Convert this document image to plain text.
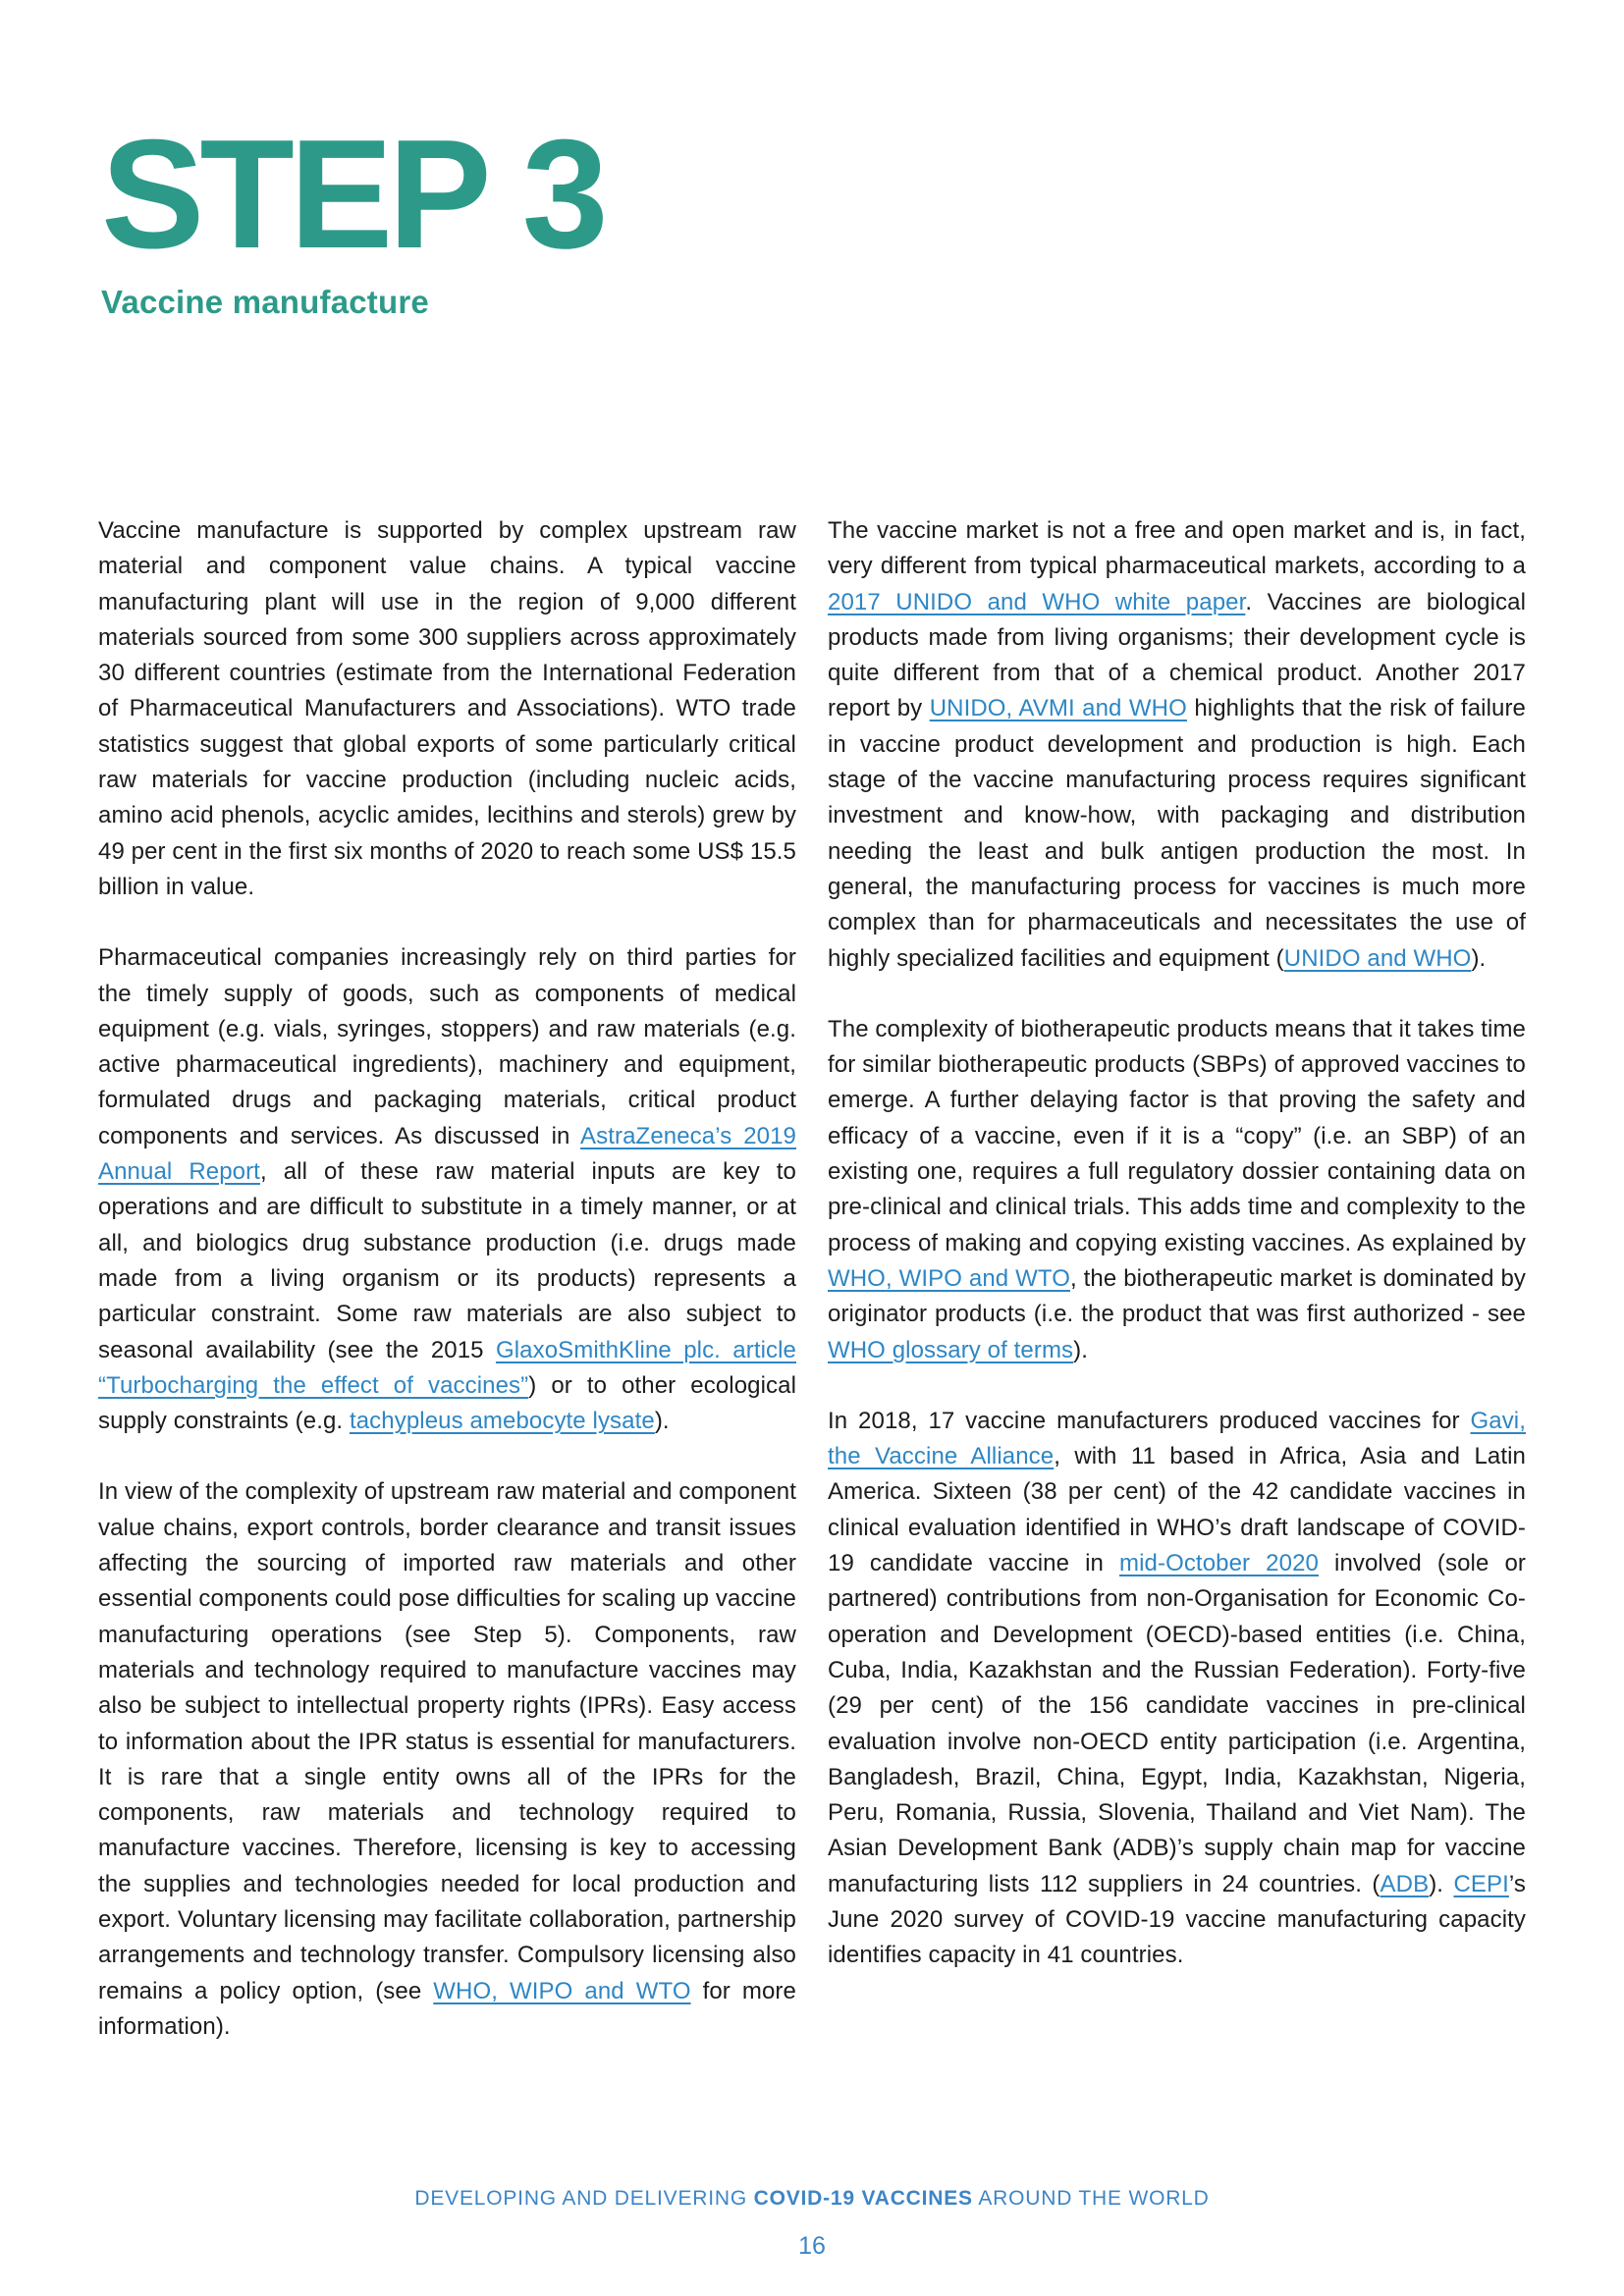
STEP 3
Vaccine manufacture

Vaccine manufacture is supported by complex upstream raw material and component value chains. A typical vaccine manufacturing plant will use in the region of 9,000 different materials sourced from some 300 suppliers across approximately 30 different countries (estimate from the International Federation of Pharmaceutical Manufacturers and Associations). WTO trade statistics suggest that global exports of some particularly critical raw materials for vaccine production (including nucleic acids, amino acid phenols, acyclic amides, lecithins and sterols) grew by 49 per cent in the first six months of 2020 to reach some US$ 15.5 billion in value.

Pharmaceutical companies increasingly rely on third parties for the timely supply of goods, such as components of medical equipment (e.g. vials, syringes, stoppers) and raw materials (e.g. active pharmaceutical ingredients), machinery and equipment, formulated drugs and packaging materials, critical product components and services. As discussed in AstraZeneca’s 2019 Annual Report, all of these raw material inputs are key to operations and are difficult to substitute in a timely manner, or at all, and biologics drug substance production (i.e. drugs made made from a living organism or its products) represents a particular constraint. Some raw materials are also subject to seasonal availability (see the 2015 GlaxoSmithKline plc. article “Turbocharging the effect of vaccines”) or to other ecological supply constraints (e.g. tachypleus amebocyte lysate).

In view of the complexity of upstream raw material and component value chains, export controls, border clearance and transit issues affecting the sourcing of imported raw materials and other essential components could pose difficulties for scaling up vaccine manufacturing operations (see Step 5). Components, raw materials and technology required to manufacture vaccines may also be subject to intellectual property rights (IPRs). Easy access to information about the IPR status is essential for manufacturers. It is rare that a single entity owns all of the IPRs for the components, raw materials and technology required to manufacture vaccines. Therefore, licensing is key to accessing the supplies and technologies needed for local production and export. Voluntary licensing may facilitate collaboration, partnership arrangements and technology transfer. Compulsory licensing also remains a policy option, (see WHO, WIPO and WTO for more information).

The vaccine market is not a free and open market and is, in fact, very different from typical pharmaceutical markets, according to a 2017 UNIDO and WHO white paper. Vaccines are biological products made from living organisms; their development cycle is quite different from that of a chemical product. Another 2017 report by UNIDO, AVMI and WHO highlights that the risk of failure in vaccine product development and production is high. Each stage of the vaccine manufacturing process requires significant investment and know-how, with packaging and distribution needing the least and bulk antigen production the most. In general, the manufacturing process for vaccines is much more complex than for pharmaceuticals and necessitates the use of highly specialized facilities and equipment (UNIDO and WHO).

The complexity of biotherapeutic products means that it takes time for similar biotherapeutic products (SBPs) of approved vaccines to emerge. A further delaying factor is that proving the safety and efficacy of a vaccine, even if it is a “copy” (i.e. an SBP) of an existing one, requires a full regulatory dossier containing data on pre-clinical and clinical trials. This adds time and complexity to the process of making and copying existing vaccines. As explained by WHO, WIPO and WTO, the biotherapeutic market is dominated by originator products (i.e. the product that was first authorized - see WHO glossary of terms).

In 2018, 17 vaccine manufacturers produced vaccines for Gavi, the Vaccine Alliance, with 11 based in Africa, Asia and Latin America. Sixteen (38 per cent) of the 42 candidate vaccines in clinical evaluation identified in WHO’s draft landscape of COVID-19 candidate vaccine in mid-October 2020 involved (sole or partnered) contributions from non-Organisation for Economic Co-operation and Development (OECD)-based entities (i.e. China, Cuba, India, Kazakhstan and the Russian Federation). Forty-five (29 per cent) of the 156 candidate vaccines in pre-clinical evaluation involve non-OECD entity participation (i.e. Argentina, Bangladesh, Brazil, China, Egypt, India, Kazakhstan, Nigeria, Peru, Romania, Russia, Slovenia, Thailand and Viet Nam). The Asian Development Bank (ADB)’s supply chain map for vaccine manufacturing lists 112 suppliers in 24 countries. (ADB). CEPI’s June 2020 survey of COVID-19 vaccine manufacturing capacity identifies capacity in 41 countries.

DEVELOPING AND DELIVERING COVID-19 VACCINES AROUND THE WORLD
16
